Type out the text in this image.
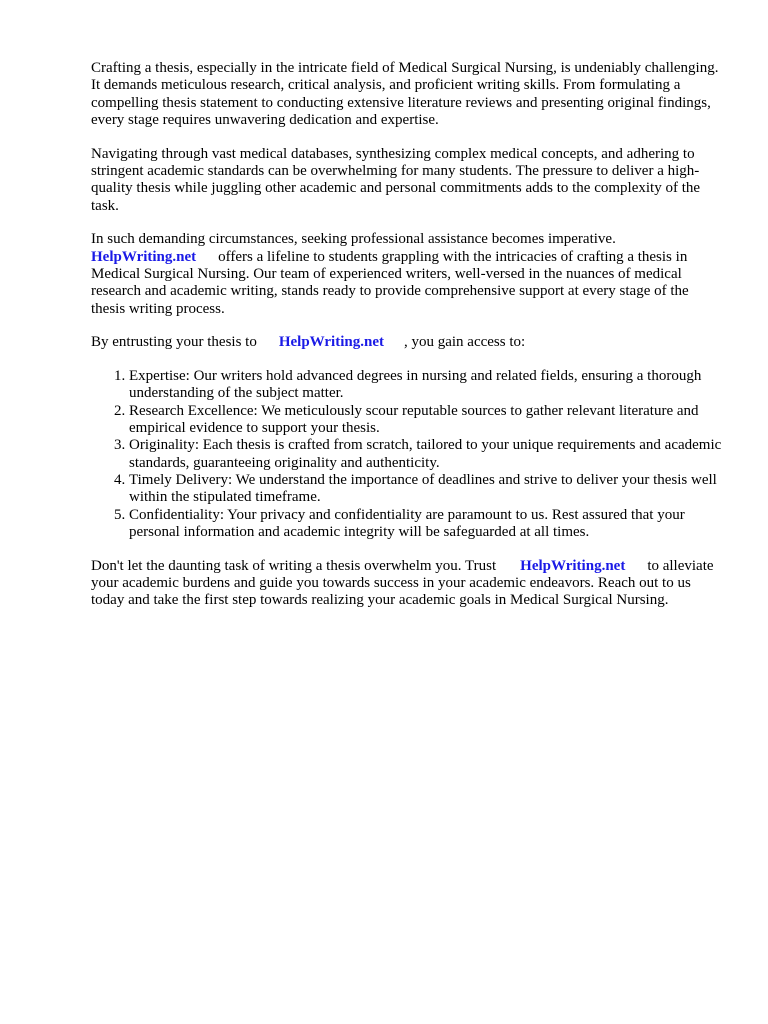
Crafting a thesis, especially in the intricate field of Medical Surgical Nursing, is undeniably challenging. It demands meticulous research, critical analysis, and proficient writing skills. From formulating a compelling thesis statement to conducting extensive literature reviews and presenting original findings, every stage requires unwavering dedication and expertise.

Navigating through vast medical databases, synthesizing complex medical concepts, and adhering to stringent academic standards can be overwhelming for many students. The pressure to deliver a high-quality thesis while juggling other academic and personal commitments adds to the complexity of the task.

In such demanding circumstances, seeking professional assistance becomes imperative.
HelpWriting.net offers a lifeline to students grappling with the intricacies of crafting a thesis in Medical Surgical Nursing. Our team of experienced writers, well-versed in the nuances of medical research and academic writing, stands ready to provide comprehensive support at every stage of the thesis writing process.

By entrusting your thesis to HelpWriting.net , you gain access to:

1. Expertise: Our writers hold advanced degrees in nursing and related fields, ensuring a thorough understanding of the subject matter.
2. Research Excellence: We meticulously scour reputable sources to gather relevant literature and empirical evidence to support your thesis.
3. Originality: Each thesis is crafted from scratch, tailored to your unique requirements and academic standards, guaranteeing originality and authenticity.
4. Timely Delivery: We understand the importance of deadlines and strive to deliver your thesis well within the stipulated timeframe.
5. Confidentiality: Your privacy and confidentiality are paramount to us. Rest assured that your personal information and academic integrity will be safeguarded at all times.

Don't let the daunting task of writing a thesis overwhelm you. Trust HelpWriting.net to alleviate your academic burdens and guide you towards success in your academic endeavors. Reach out to us today and take the first step towards realizing your academic goals in Medical Surgical Nursing.
